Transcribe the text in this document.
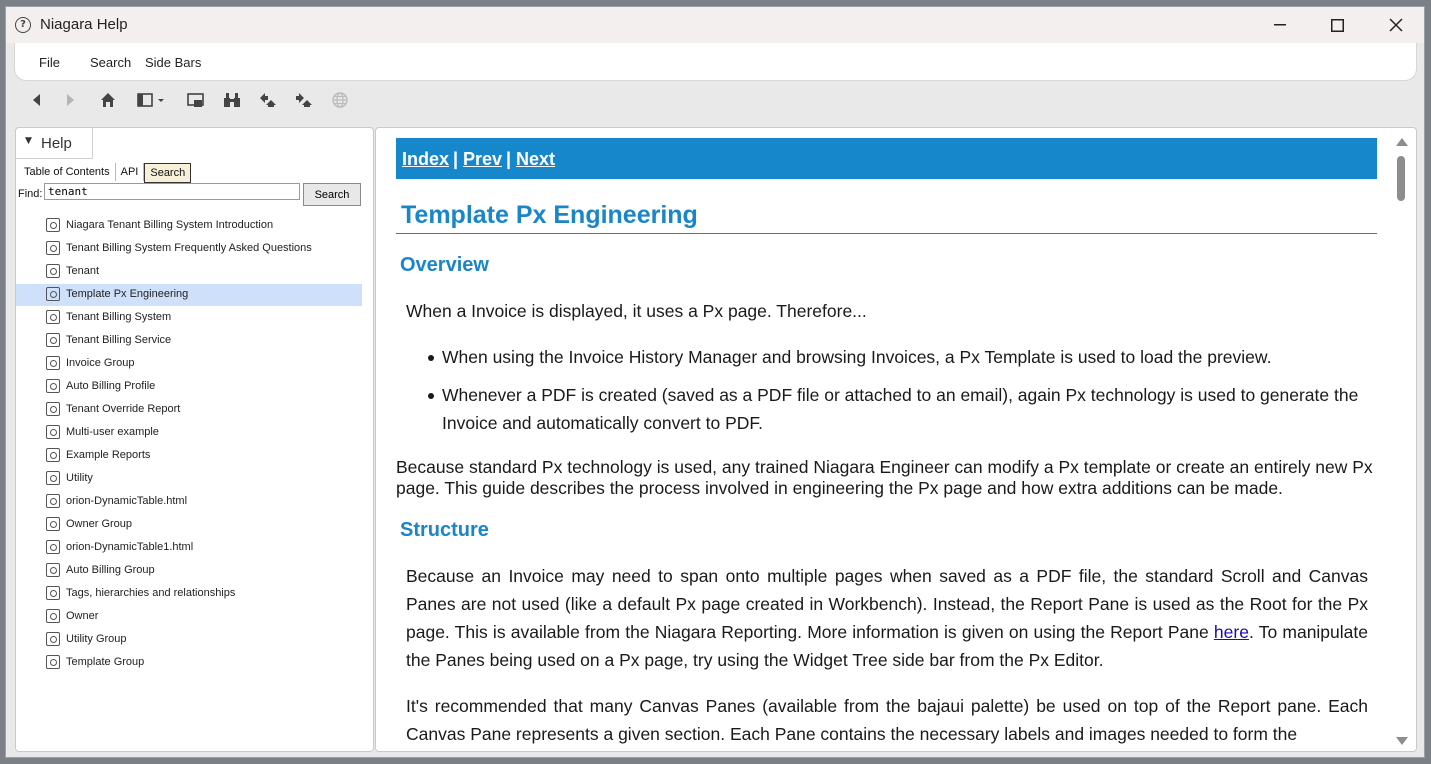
? Niagara Help
File Search Side Bars
▼ Help
Table of Contents	API	Search
Find: tenant	Search
Niagara Tenant Billing System Introduction
Tenant Billing System Frequently Asked Questions
Tenant
Template Px Engineering
Tenant Billing System
Tenant Billing Service
Invoice Group
Auto Billing Profile
Tenant Override Report
Multi-user example
Example Reports
Utility
orion-DynamicTable.html
Owner Group
orion-DynamicTable1.html
Auto Billing Group
Tags, hierarchies and relationships
Owner
Utility Group
Template Group
Index | Prev | Next
Template Px Engineering
Overview
When a Invoice is displayed, it uses a Px page. Therefore...
When using the Invoice History Manager and browsing Invoices, a Px Template is used to load the preview.
Whenever a PDF is created (saved as a PDF file or attached to an email), again Px technology is used to generate the
Invoice and automatically convert to PDF.
Because standard Px technology is used, any trained Niagara Engineer can modify a Px template or create an entirely new Px
page. This guide describes the process involved in engineering the Px page and how extra additions can be made.
Structure
Because an Invoice may need to span onto multiple pages when saved as a PDF file, the standard Scroll and Canvas Panes are not used (like a default Px page created in Workbench). Instead, the Report Pane is used as the Root for the Px page. This is available from the Niagara Reporting. More information is given on using the Report Pane here. To manipulate the Panes being used on a Px page, try using the Widget Tree side bar from the Px Editor.
It's recommended that many Canvas Panes (available from the bajaui palette) be used on top of the Report pane. Each Canvas Pane represents a given section. Each Pane contains the necessary labels and images needed to form the
